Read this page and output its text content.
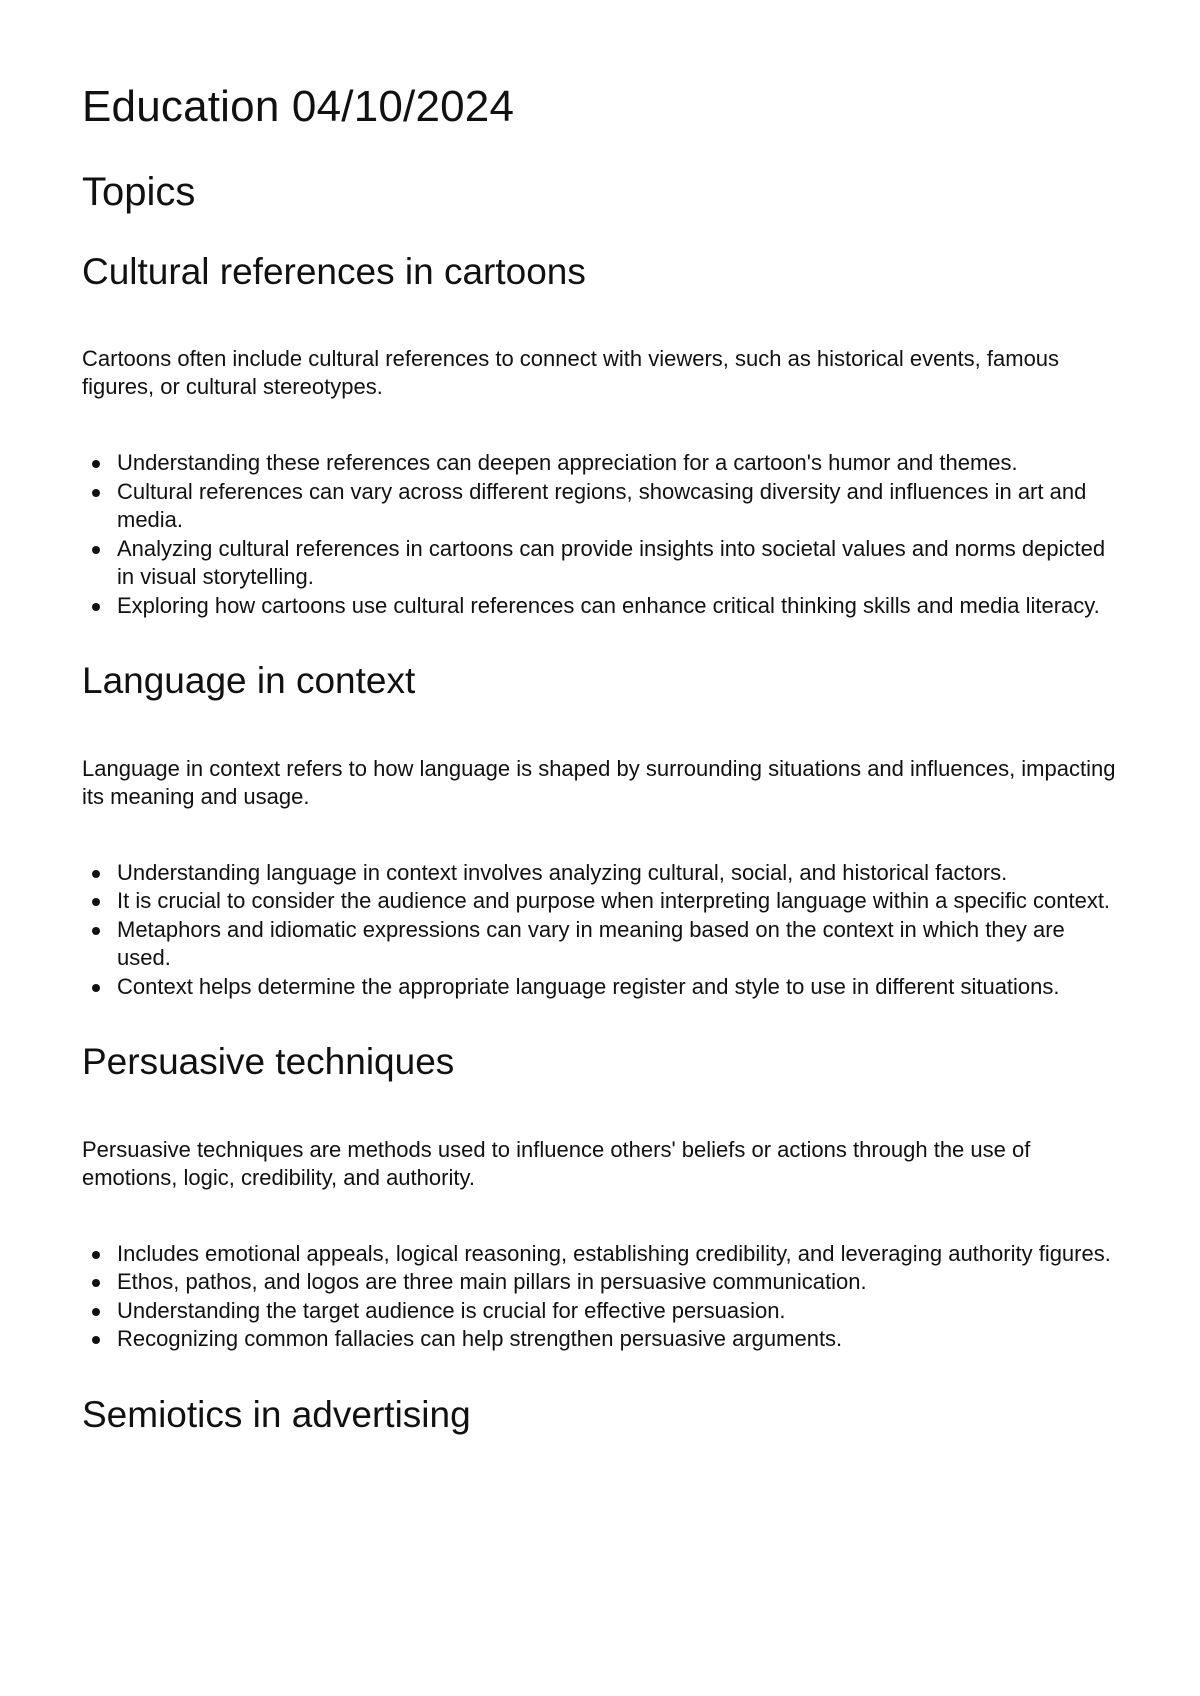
Education 04/10/2024
Topics
Cultural references in cartoons

Cartoons often include cultural references to connect with viewers, such as historical events, famous figures, or cultural stereotypes.

Understanding these references can deepen appreciation for a cartoon's humor and themes.
Cultural references can vary across different regions, showcasing diversity and influences in art and media.
Analyzing cultural references in cartoons can provide insights into societal values and norms depicted in visual storytelling.
Exploring how cartoons use cultural references can enhance critical thinking skills and media literacy.
Language in context

Language in context refers to how language is shaped by surrounding situations and influences, impacting its meaning and usage.

Understanding language in context involves analyzing cultural, social, and historical factors.
It is crucial to consider the audience and purpose when interpreting language within a specific context.
Metaphors and idiomatic expressions can vary in meaning based on the context in which they are used.
Context helps determine the appropriate language register and style to use in different situations.
Persuasive techniques

Persuasive techniques are methods used to influence others' beliefs or actions through the use of emotions, logic, credibility, and authority.

Includes emotional appeals, logical reasoning, establishing credibility, and leveraging authority figures.
Ethos, pathos, and logos are three main pillars in persuasive communication.
Understanding the target audience is crucial for effective persuasion.
Recognizing common fallacies can help strengthen persuasive arguments.
Semiotics in advertising
